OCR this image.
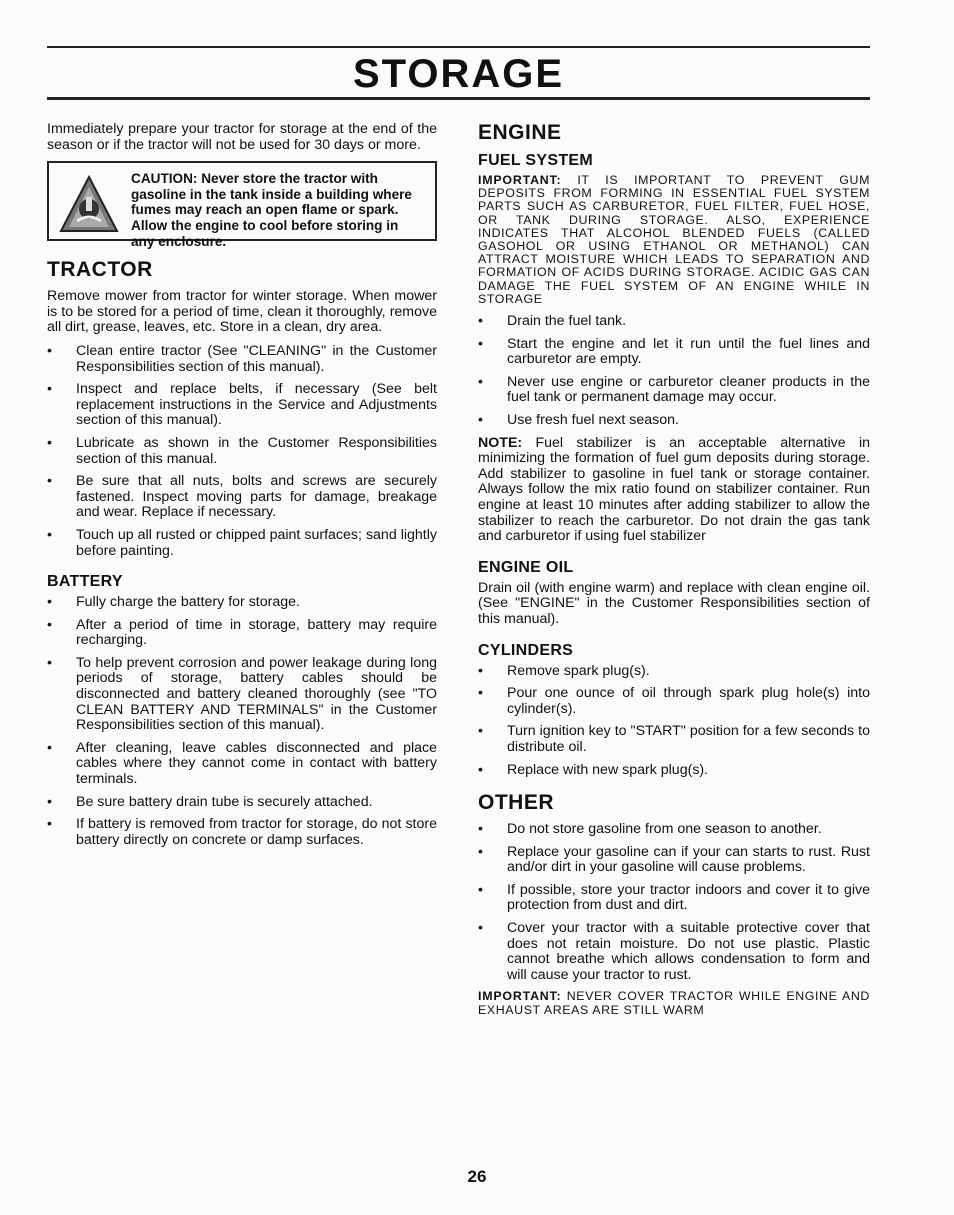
STORAGE

Immediately prepare your tractor for storage at the end of the season or if the tractor will not be used for 30 days or more.

CAUTION: Never store the tractor with gasoline in the tank inside a building where fumes may reach an open flame or spark. Allow the engine to cool before storing in any enclosure.
TRACTOR

Remove mower from tractor for winter storage. When mower is to be stored for a period of time, clean it thoroughly, remove all dirt, grease, leaves, etc. Store in a clean, dry area.

•	Clean entire tractor (See "CLEANING" in the Customer Responsibilities section of this manual).
•	Inspect and replace belts, if necessary (See belt replacement instructions in the Service and Adjustments section of this manual).
•	Lubricate as shown in the Customer Responsibilities section of this manual.
•	Be sure that all nuts, bolts and screws are securely fastened. Inspect moving parts for damage, breakage and wear. Replace if necessary.
•	Touch up all rusted or chipped paint surfaces; sand lightly before painting.
BATTERY
•	Fully charge the battery for storage.
•	After a period of time in storage, battery may require recharging.
•	To help prevent corrosion and power leakage during long periods of storage, battery cables should be disconnected and battery cleaned thoroughly (see "TO CLEAN BATTERY AND TERMINALS" in the Customer Responsibilities section of this manual).
•	After cleaning, leave cables disconnected and place cables where they cannot come in contact with battery terminals.
•	Be sure battery drain tube is securely attached.
•	If battery is removed from tractor for storage, do not store battery directly on concrete or damp surfaces.
ENGINE
FUEL SYSTEM

IMPORTANT: IT IS IMPORTANT TO PREVENT GUM DEPOSITS FROM FORMING IN ESSENTIAL FUEL SYSTEM PARTS SUCH AS CARBURETOR, FUEL FILTER, FUEL HOSE, OR TANK DURING STORAGE. ALSO, EXPERIENCE INDICATES THAT ALCOHOL BLENDED FUELS (CALLED GASOHOL OR USING ETHANOL OR METHANOL) CAN ATTRACT MOISTURE WHICH LEADS TO SEPARATION AND FORMATION OF ACIDS DURING STORAGE. ACIDIC GAS CAN DAMAGE THE FUEL SYSTEM OF AN ENGINE WHILE IN STORAGE

•	Drain the fuel tank.
•	Start the engine and let it run until the fuel lines and carburetor are empty.
•	Never use engine or carburetor cleaner products in the fuel tank or permanent damage may occur.
•	Use fresh fuel next season.

NOTE: Fuel stabilizer is an acceptable alternative in minimizing the formation of fuel gum deposits during storage. Add stabilizer to gasoline in fuel tank or storage container. Always follow the mix ratio found on stabilizer container. Run engine at least 10 minutes after adding stabilizer to allow the stabilizer to reach the carburetor. Do not drain the gas tank and carburetor if using fuel stabilizer

ENGINE OIL

Drain oil (with engine warm) and replace with clean engine oil. (See "ENGINE" in the Customer Responsibilities section of this manual).

CYLINDERS
•	Remove spark plug(s).
•	Pour one ounce of oil through spark plug hole(s) into cylinder(s).
•	Turn ignition key to "START" position for a few seconds to distribute oil.
•	Replace with new spark plug(s).
OTHER
•	Do not store gasoline from one season to another.
•	Replace your gasoline can if your can starts to rust. Rust and/or dirt in your gasoline will cause problems.
•	If possible, store your tractor indoors and cover it to give protection from dust and dirt.
•	Cover your tractor with a suitable protective cover that does not retain moisture. Do not use plastic. Plastic cannot breathe which allows condensation to form and will cause your tractor to rust.

IMPORTANT: NEVER COVER TRACTOR WHILE ENGINE AND EXHAUST AREAS ARE STILL WARM

26
